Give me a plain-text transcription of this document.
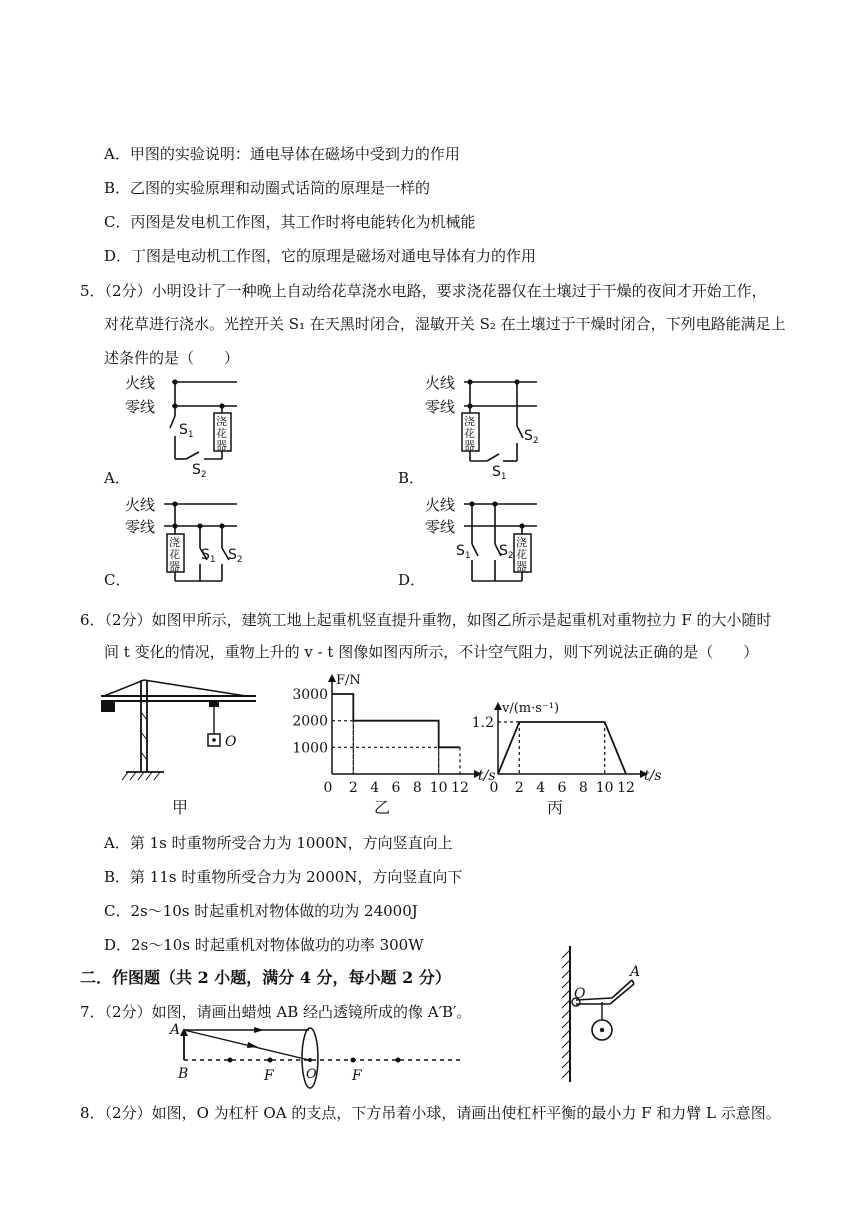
A．甲图的实验说明：通电导体在磁场中受到力的作用
B．乙图的实验原理和动圈式话筒的原理是一样的
C．丙图是发电机工作图，其工作时将电能转化为机械能
D．丁图是电动机工作图，它的原理是磁场对通电导体有力的作用
5．（2分）小明设计了一种晚上自动给花草浇水电路，要求浇花器仅在土壤过于干燥的夜间才开始工作，
对花草进行浇水。光控开关 S₁ 在天黑时闭合，湿敏开关 S₂ 在土壤过于干燥时闭合，下列电路能满足上
述条件的是（　　）
火线
零线
$S_1$
$S_2$
浇
花
器
A．
火线
零线
浇
花
器
$S_1$
$S_2$
B．
火线
零线
浇
花
器
$S_1$ $S_2$
C．
火线
零线
$S_1$ $S_2$
浇
花
器
D．
6．（2分）如图甲所示，建筑工地上起重机竖直提升重物，如图乙所示是起重机对重物拉力 F 的大小随时
间 t 变化的情况，重物上升的 v - t 图像如图丙所示，不计空气阻力，则下列说法正确的是（　　）
O
甲
t/s
F/N
0 2 4 6 8 10 12
1000
2000
3000
乙
t/s
v/(m·s⁻¹)
0 2 4 6 8 10 12
1.2
丙
A．第 1s 时重物所受合力为 1000N，方向竖直向上
B．第 11s 时重物所受合力为 2000N，方向竖直向下
C．2s～10s 时起重机对物体做的功为 24000J
D．2s～10s 时起重机对物体做功的功率 300W
二．作图题（共 2 小题，满分 4 分，每小题 2 分）
7．（2分）如图，请画出蜡烛 AB 经凸透镜所成的像 A′B′。
A
B	F O	F
O
A
8．（2分）如图，O 为杠杆 OA 的支点，下方吊着小球，请画出使杠杆平衡的最小力 F 和力臂 L 示意图。
